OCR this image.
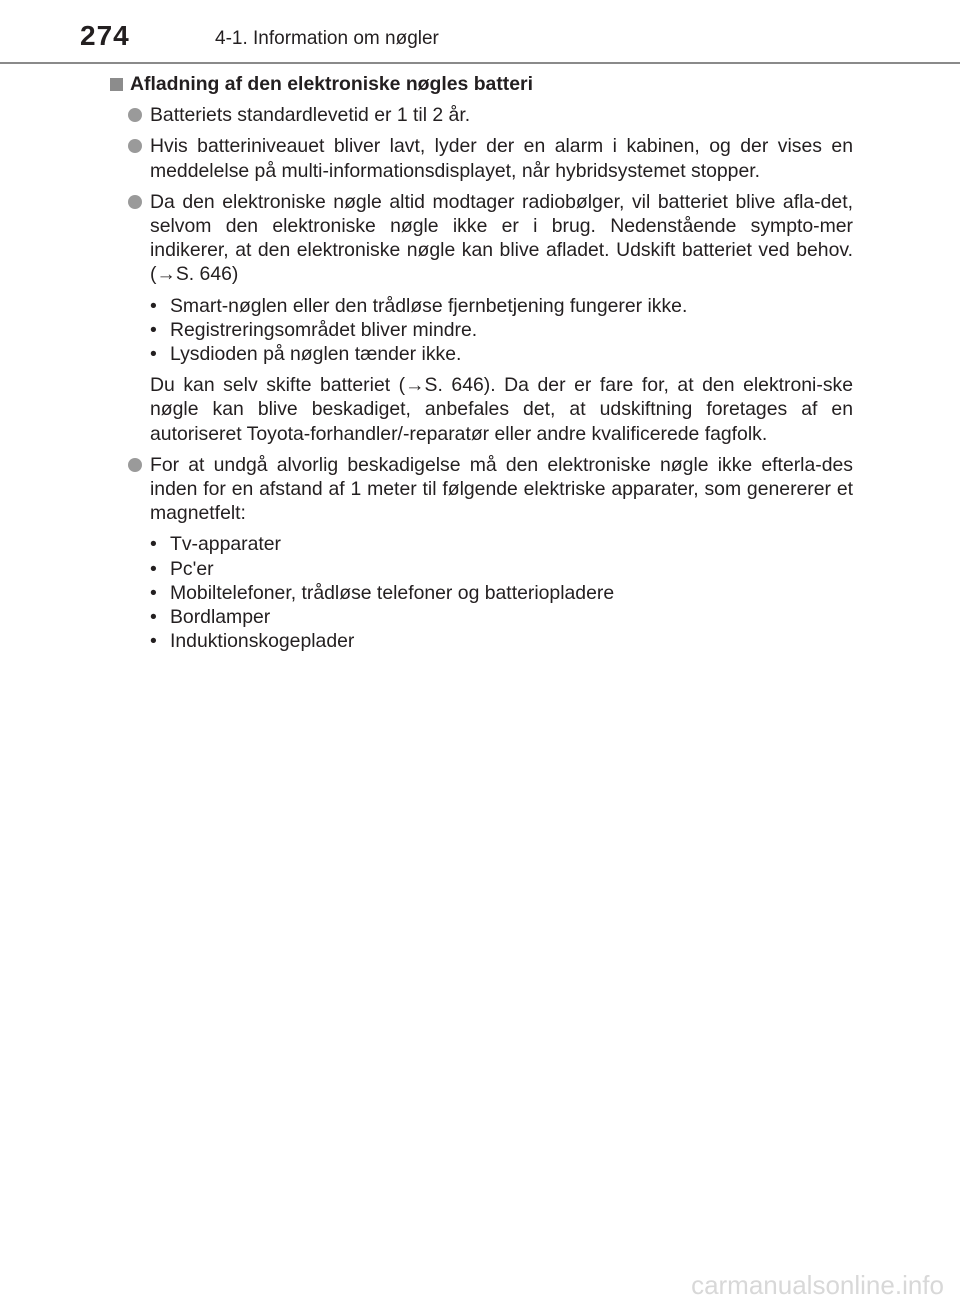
274	4-1. Information om nøgler
Afladning af den elektroniske nøgles batteri
Batteriets standardlevetid er 1 til 2 år.
Hvis batteriniveauet bliver lavt, lyder der en alarm i kabinen, og der vises en meddelelse på multi-informationsdisplayet, når hybridsystemet stopper.
Da den elektroniske nøgle altid modtager radiobølger, vil batteriet blive afla-det, selvom den elektroniske nøgle ikke er i brug. Nedenstående sympto-mer indikerer, at den elektroniske nøgle kan blive afladet. Udskift batteriet ved behov. (→S. 646)
• Smart-nøglen eller den trådløse fjernbetjening fungerer ikke.
• Registreringsområdet bliver mindre.
• Lysdioden på nøglen tænder ikke.
Du kan selv skifte batteriet (→S. 646). Da der er fare for, at den elektroni-ske nøgle kan blive beskadiget, anbefales det, at udskiftning foretages af en autoriseret Toyota-forhandler/-reparatør eller andre kvalificerede fagfolk.
For at undgå alvorlig beskadigelse må den elektroniske nøgle ikke efterla-des inden for en afstand af 1 meter til følgende elektriske apparater, som genererer et magnetfelt:
• Tv-apparater
• Pc'er
• Mobiltelefoner, trådløse telefoner og batteriopladere
• Bordlamper
• Induktionskogeplader
carmanualsonline.info
